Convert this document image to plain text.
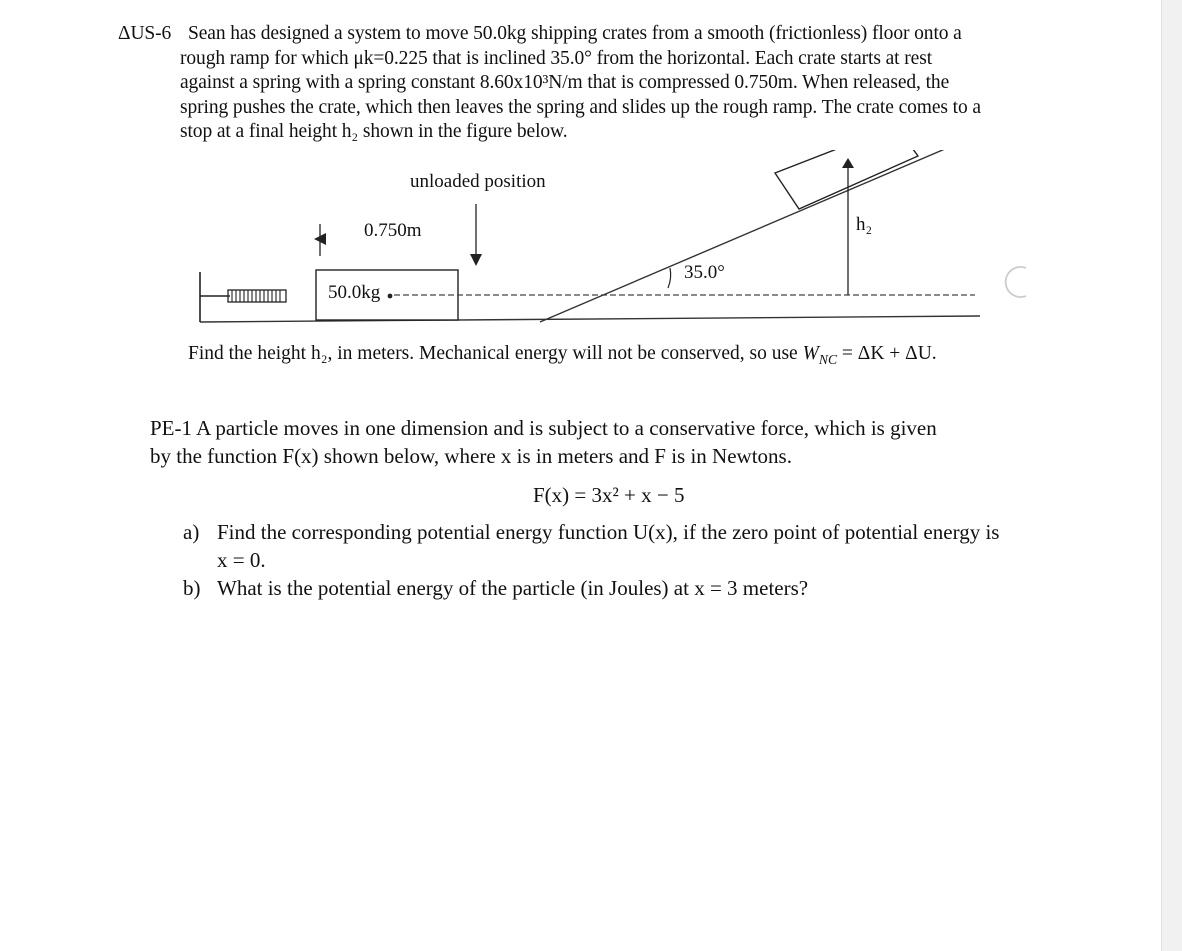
ΔUS-6 Sean has designed a system to move 50.0kg shipping crates from a smooth (frictionless) floor onto a
rough ramp for which μk=0.225 that is inclined 35.0° from the horizontal. Each crate starts at rest
against a spring with a spring constant 8.60x10³N/m that is compressed 0.750m. When released, the
spring pushes the crate, which then leaves the spring and slides up the rough ramp. The crate comes to a
stop at a final height h₂ shown in the figure below.
50.0kg
0.750m
unloaded position
35.0°
h₂
Find the height h₂, in meters. Mechanical energy will not be conserved, so use $W_{NC} = \Delta K + \Delta U$.
PE-1 A particle moves in one dimension and is subject to a conservative force, which is given
by the function F(x) shown below, where x is in meters and F is in Newtons.
F(x) = 3x² + x − 5
a) Find the corresponding potential energy function U(x), if the zero point of potential energy is x = 0.
b) What is the potential energy of the particle (in Joules) at x = 3 meters?
